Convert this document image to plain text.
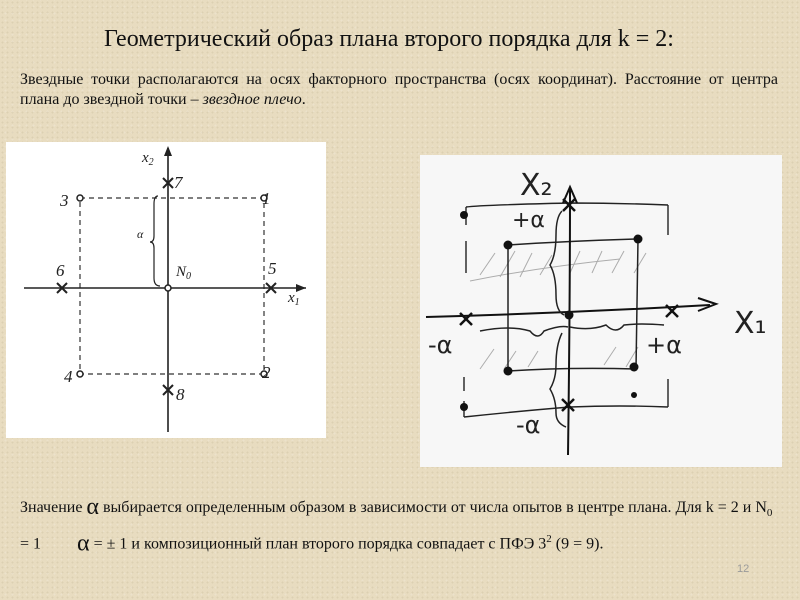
Геометрический образ плана второго порядка для k = 2:
Звездные точки располагаются на осях факторного пространства (осях координат). Расстояние от центра плана до звездной точки – звездное плечо.
$x_2$
$x_1$
$N_0$
α
3	1
4	2
7
8
6	5
X₂
X₁
+α
-α	+α
-α
Значение α выбирается определенным образом в зависимости от числа опытов в центре плана. Для k = 2 и $N_0 = 1$ α = ± 1 и композиционный план второго порядка совпадает с ПФЭ $3^2$ (9 = 9).
12
